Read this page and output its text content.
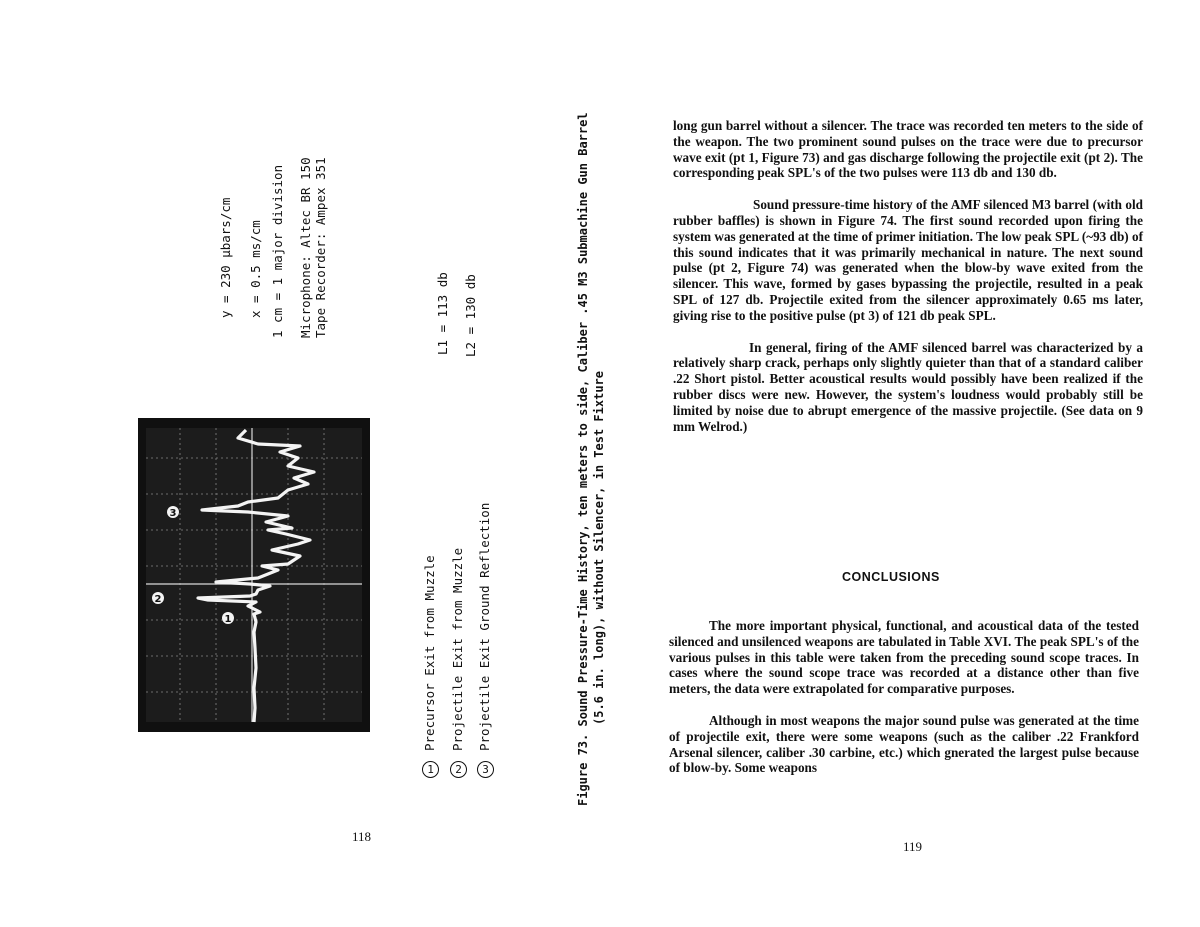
y = 230 μbars/cm x = 0.5 ms/cm 1 cm = 1 major division Microphone: Altec BR 150 Tape Recorder: Ampex 351	L1 = 113 db L2 = 130 db
3
2
1
1Precursor Exit from Muzzle
2Projectile Exit from Muzzle
3Projectile Exit Ground Reflection	Figure 73. Sound Pressure-Time History, ten meters to side, Caliber .45 M3 Submachine Gun Barrel (5.6 in. long), without Silencer, in Test Fixture
118

long gun barrel without a silencer. The trace was recorded ten meters to the side of the weapon. The two prominent sound pulses on the trace were due to precursor wave exit (pt 1, Figure 73) and gas discharge following the projectile exit (pt 2). The corresponding peak SPL's of the two pulses were 113 db and 130 db.

Sound pressure-time history of the AMF silenced M3 barrel (with old rubber baffles) is shown in Figure 74. The first sound recorded upon firing the system was generated at the time of primer initiation. The low peak SPL (~93 db) of this sound indicates that it was primarily mechanical in nature. The next sound pulse (pt 2, Figure 74) was generated when the blow-by wave exited from the silencer. This wave, formed by gases bypassing the projectile, resulted in a peak SPL of 127 db. Projectile exited from the silencer approximately 0.65 ms later, giving rise to the positive pulse (pt 3) of 121 db peak SPL.

In general, firing of the AMF silenced barrel was characterized by a relatively sharp crack, perhaps only slightly quieter than that of a standard caliber .22 Short pistol. Better acoustical results would possibly have been realized if the rubber discs were new. However, the system's loudness would probably still be limited by noise due to abrupt emergence of the massive projectile. (See data on 9 mm Welrod.)

CONCLUSIONS

The more important physical, functional, and acoustical data of the tested silenced and unsilenced weapons are tabulated in Table XVI. The peak SPL's of the various pulses in this table were taken from the preceding sound scope traces. In cases where the sound scope trace was recorded at a distance other than five meters, the data were extrapolated for comparative purposes.

Although in most weapons the major sound pulse was generated at the time of projectile exit, there were some weapons (such as the caliber .22 Frankford Arsenal silencer, caliber .30 carbine, etc.) which gnerated the largest pulse because of blow-by. Some weapons

119
